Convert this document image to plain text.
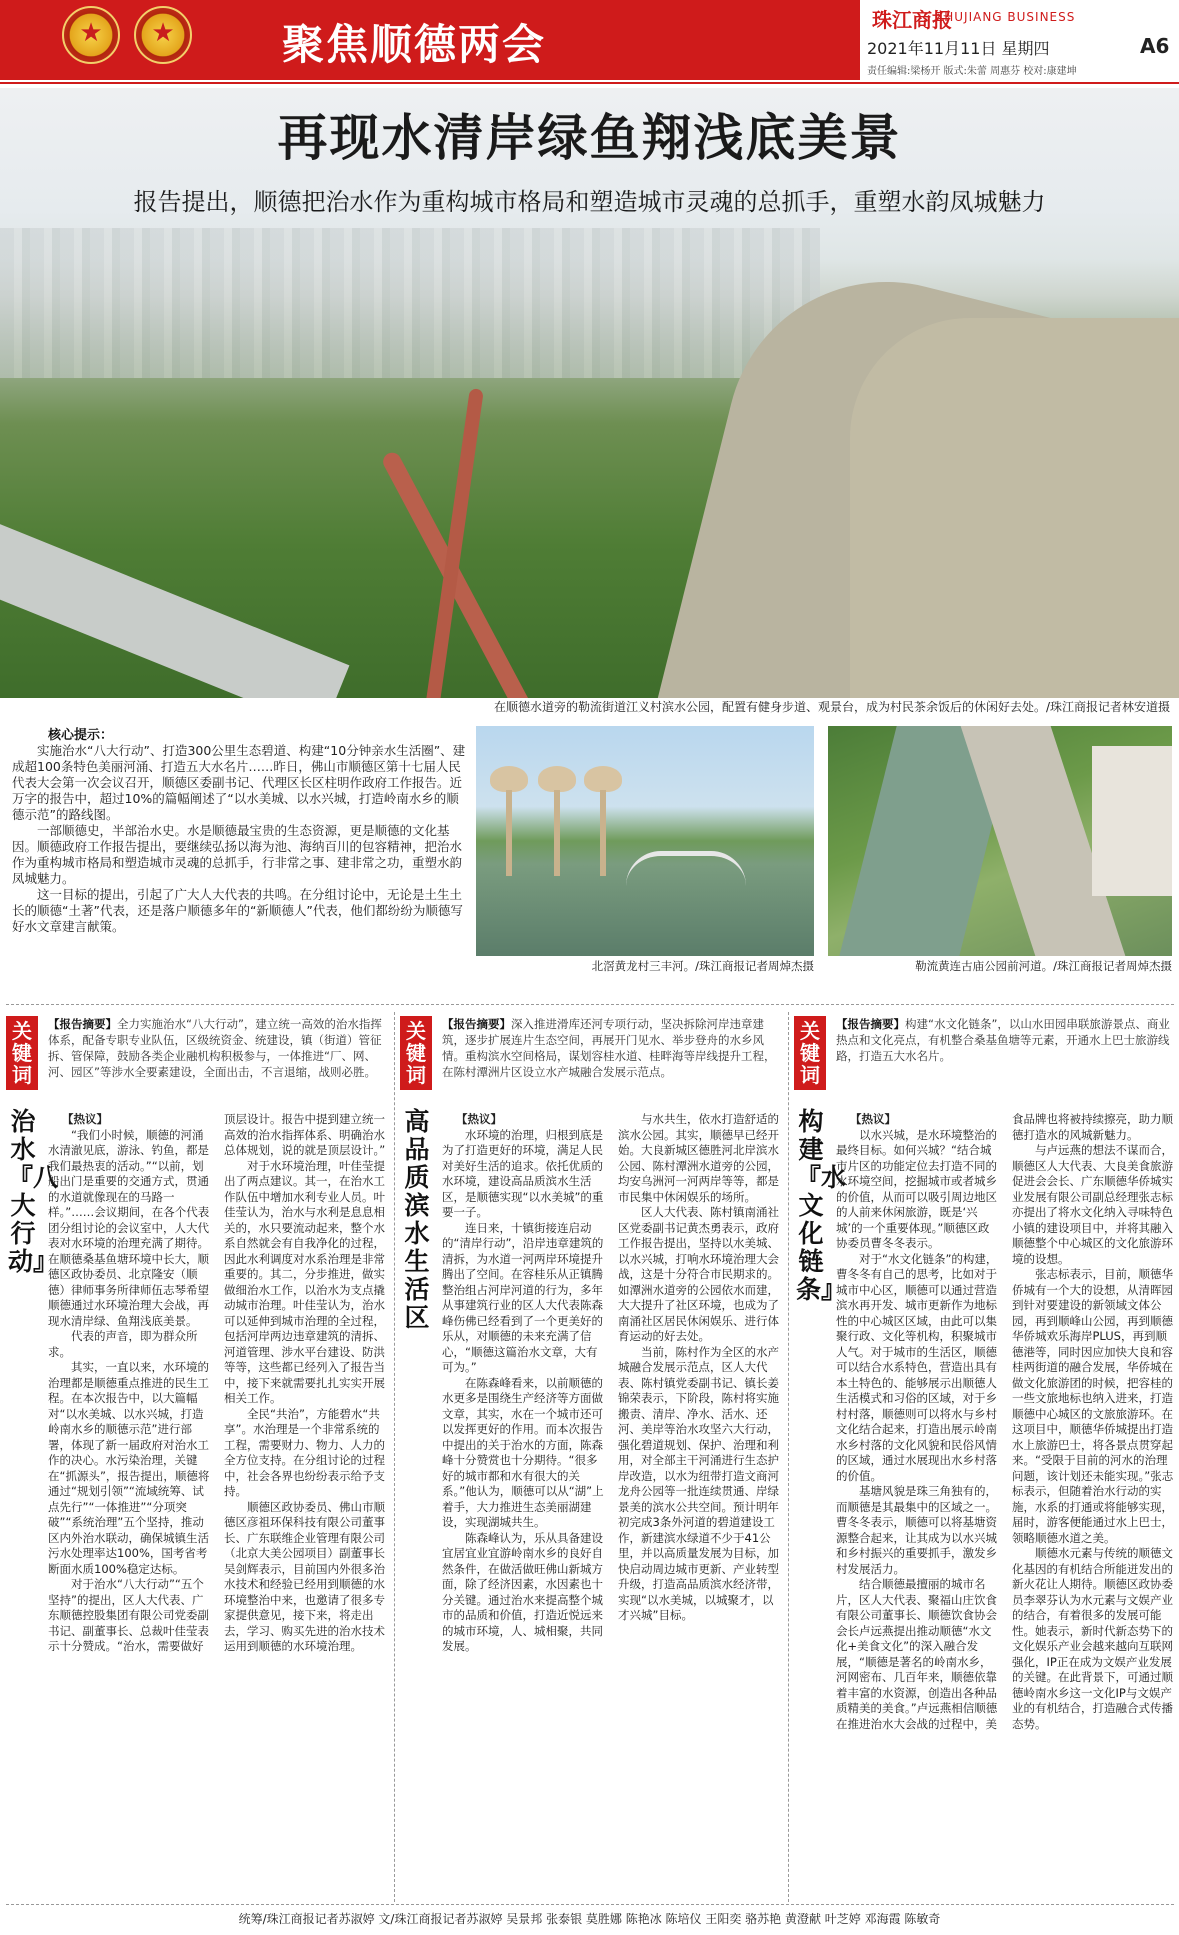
★
★
聚焦顺德两会	珠江商报
ZHUJIANG BUSINESS
2021年11月11日 星期四	A6
责任编辑:梁杨开 版式:朱蕾 周惠芬 校对:康建坤
再现水清岸绿鱼翔浅底美景
报告提出，顺德把治水作为重构城市格局和塑造城市灵魂的总抓手，重塑水韵凤城魅力
在顺德水道旁的勒流街道江义村滨水公园，配置有健身步道、观景台，成为村民茶余饭后的休闲好去处。/珠江商报记者林安道摄
核心提示：

实施治水“八大行动”、打造300公里生态碧道、构建“10分钟亲水生活圈”、建成超100条特色美丽河涌、打造五大水名片……昨日，佛山市顺德区第十七届人民代表大会第一次会议召开，顺德区委副书记、代理区长区柱明作政府工作报告。近万字的报告中，超过10%的篇幅阐述了“以水美城、以水兴城，打造岭南水乡的顺德示范”的路线图。

一部顺德史，半部治水史。水是顺德最宝贵的生态资源，更是顺德的文化基因。顺德政府工作报告提出，要继续弘扬以海为池、海纳百川的包容精神，把治水作为重构城市格局和塑造城市灵魂的总抓手，行非常之事、建非常之功，重塑水韵凤城魅力。

这一目标的提出，引起了广大人大代表的共鸣。在分组讨论中，无论是土生土长的顺德“土著”代表，还是落户顺德多年的“新顺德人”代表，他们都纷纷为顺德写好水文章建言献策。

北滘黄龙村三丰河。/珠江商报记者周焯杰摄	勒流黄连古庙公园前河道。/珠江商报记者周焯杰摄
关键词
治水『八大行动』
【报告摘要】全力实施治水“八大行动”，建立统一高效的治水指挥体系，配备专职专业队伍，区级统资金、统建设，镇（街道）管征拆、管保障，鼓励各类企业融机构积极参与，一体推进“厂、网、河、园区”等涉水全要素建设，全面出击，不言退缩，战则必胜。

【热议】

“我们小时候，顺德的河涌水清澈见底，游泳、钓鱼，都是我们最热衷的活动。”“以前，划船出门是重要的交通方式，贯通的水道就像现在的马路一样。”……会议期间，在各个代表团分组讨论的会议室中，人大代表对水环境的治理充满了期待。在顺德桑基鱼塘环境中长大，顺德区政协委员、北京隆安（顺德）律师事务所律师伍志琴希望顺德通过水环境治理大会战，再现水清岸绿、鱼翔浅底美景。

代表的声音，即为群众所求。

其实，一直以来，水环境的治理都是顺德重点推进的民生工程。在本次报告中，以大篇幅对“以水美城、以水兴城，打造岭南水乡的顺德示范”进行部署，体现了新一届政府对治水工作的决心。水污染治理，关键在“抓源头”，报告提出，顺德将通过“规划引领”“流域统筹、试点先行”“一体推进”“分项突破”“系统治理”五个坚持，推动区内外治水联动，确保城镇生活污水处理率达100%，国考省考断面水质100%稳定达标。

对于治水“八大行动”“五个坚持”的提出，区人大代表、广东顺德控股集团有限公司党委副书记、副董事长、总裁叶佳莹表示十分赞成。“治水，需要做好顶层设计。报告中提到建立统一高效的治水指挥体系、明确治水总体规划，说的就是顶层设计。”

对于水环境治理，叶佳莹提出了两点建议。其一，在治水工作队伍中增加水利专业人员。叶佳莹认为，治水与水利是息息相关的，水只要流动起来，整个水系自然就会有自我净化的过程，因此水利调度对水系治理是非常重要的。其二，分步推进，做实做细治水工作，以治水为支点撬动城市治理。叶佳莹认为，治水可以延伸到城市治理的全过程，包括河岸两边违章建筑的清拆、河道管理、涉水平台建设、防洪等等，这些都已经列入了报告当中，接下来就需要扎扎实实开展相关工作。

全民“共治”，方能碧水“共享”。水治理是一个非常系统的工程，需要财力、物力、人力的全方位支持。在分组讨论的过程中，社会各界也纷纷表示给予支持。

顺德区政协委员、佛山市顺德区彦祖环保科技有限公司董事长、广东联维企业管理有限公司（北京大美公园项目）副董事长吴剑辉表示，目前国内外很多治水技术和经验已经用到顺德的水环境整治中来，也邀请了很多专家提供意见，接下来，将走出去，学习、购买先进的治水技术运用到顺德的水环境治理。

关键词
高品质滨水生活区
【报告摘要】深入推进滑库还河专项行动，坚决拆除河岸违章建筑，逐步扩展连片生态空间，再展开门见水、举步登舟的水乡风情。重构滨水空间格局，谋划容桂水道、桂畔海等岸线提升工程，在陈村潭洲片区设立水产城融合发展示范点。

【热议】

水环境的治理，归根到底是为了打造更好的环境，满足人民对美好生活的追求。依托优质的水环境，建设高品质滨水生活区，是顺德实现“以水美城”的重要一子。

连日来，十镇街接连启动的“清岸行动”，沿岸违章建筑的清拆，为水道一河两岸环境提升腾出了空间。在容桂乐从正镇腾整治组占河岸河道的行为，多年从事建筑行业的区人大代表陈森峰伤佛已经看到了一个更美好的乐从，对顺德的未来充满了信心，“顺德这篇治水文章，大有可为。”

在陈森峰看来，以前顺德的水更多是围绕生产经济等方面做文章，其实，水在一个城市还可以发挥更好的作用。而本次报告中提出的关于治水的方面，陈森峰十分赞赏也十分期待。“很多好的城市都和水有很大的关系。”他认为，顺德可以从“湖”上着手，大力推进生态美丽湖建设，实现湖城共生。

陈森峰认为，乐从具备建设宜居宜业宜游岭南水乡的良好自然条件，在做活做旺佛山新城方面，除了经济因素，水因素也十分关键。通过治水来提高整个城市的品质和价值，打造近悦远来的城市环境，人、城相聚，共同发展。

与水共生，依水打造舒适的滨水公园。其实，顺德早已经开始。大良新城区德胜河北岸滨水公园、陈村潭洲水道旁的公园，均安乌洲河一河两岸等等，都是市民集中休闲娱乐的场所。

区人大代表、陈村镇南涌社区党委副书记黄杰勇表示，政府工作报告提出，坚持以水美城、以水兴城，打响水环境治理大会战，这是十分符合市民期求的。如潭洲水道旁的公园依水而建，大大提升了社区环境，也成为了南涌社区居民休闲娱乐、进行体育运动的好去处。

当前，陈村作为全区的水产城融合发展示范点，区人大代表、陈村镇党委副书记、镇长姜锦荣表示，下阶段，陈村将实施搬责、清岸、净水、活水、还河、美岸等治水攻坚六大行动，强化碧道规划、保护、治理和利用，对全部主干河涌进行生态护岸改造，以水为纽带打造文商河龙舟公园等一批连续贯通、岸绿景美的滨水公共空间。预计明年初完成3条外河道的碧道建设工作，新建滨水绿道不少于41公里，并以高质量发展为目标，加快启动周边城市更新、产业转型升级，打造高品质滨水经济带，实现“以水美城，以城聚才，以才兴城”目标。

关键词
构建『水文化链条』
【报告摘要】构建“水文化链条”，以山水田园串联旅游景点、商业热点和文化亮点，有机整合桑基鱼塘等元素，开通水上巴士旅游线路，打造五大水名片。

【热议】

以水兴城，是水环境整治的最终目标。如何兴城？“结合城市片区的功能定位去打造不同的水环境空间，挖掘城市或者城乡的价值，从而可以吸引周边地区的人前来休闲旅游，既是‘兴城’的一个重要体现。”顺德区政协委员曹冬冬表示。

对于“水文化链条”的构建，曹冬冬有自己的思考，比如对于城市中心区，顺德可以通过营造滨水再开发、城市更新作为地标性的中心城区区域，由此可以集聚行政、文化等机构，积聚城市人气。对于城市的生活区，顺德可以结合水系特色，营造出具有本土特色的、能够展示出顺德人生活模式和习俗的区域，对于乡村村落，顺德则可以将水与乡村文化结合起来，打造出展示岭南水乡村落的文化风貌和民俗风情的区域，通过水展现出水乡村落的价值。

基塘风貌是珠三角独有的，而顺德是其最集中的区域之一。曹冬冬表示，顺德可以将基塘资源整合起来，让其成为以水兴城和乡村振兴的重要抓手，激发乡村发展活力。

结合顺德最擅丽的城市名片，区人大代表、聚福山庄饮食有限公司董事长、顺德饮食协会会长卢远燕提出推动顺德“水文化+美食文化”的深入融合发展，“顺德是著名的岭南水乡，河网密布、几百年来，顺德依靠着丰富的水资源，创造出各种品质精美的美食。”卢远燕相信顺德在推进治水大会战的过程中，美食品牌也将被持续擦亮，助力顺德打造水的风城新魅力。

与卢远燕的想法不谋而合，顺德区人大代表、大良美食旅游促进会会长、广东顺德华侨城实业发展有限公司副总经理张志标亦提出了将水文化纳入寻味特色小镇的建设项目中，并将其融入顺德整个中心城区的文化旅游环境的设想。

张志标表示，目前，顺德华侨城有一个大的设想，从清晖园到针对要建设的新领域文体公园，再到顺峰山公园，再到顺德华侨城欢乐海岸PLUS，再到顺德港等，同时因应加快大良和容桂两街道的融合发展，华侨城在做文化旅游团的时候，把容桂的一些文旅地标也纳入进来，打造顺德中心城区的文旅旅游环。在这项目中，顺德华侨城提出打造水上旅游巴士，将各景点贯穿起来。“受限于目前的河水的治理问题，该计划还未能实现。”张志标表示，但随着治水行动的实施，水系的打通或将能够实现，届时，游客便能通过水上巴士，领略顺德水道之美。

顺德水元素与传统的顺德文化基因的有机结合所能迸发出的新火花让人期待。顺德区政协委员李翠芬认为水元素与文娱产业的结合，有着很多的发展可能性。她表示，新时代新态势下的文化娱乐产业会越来越向互联网强化，IP正在成为文娱产业发展的关键。在此背景下，可通过顺德岭南水乡这一文化IP与文娱产业的有机结合，打造融合式传播态势。

统筹/珠江商报记者苏淑婷 文/珠江商报记者苏淑婷 吴景邦 张泰银 莫胜娜 陈艳冰 陈培仪 王阳奕 骆苏艳 黄澄献 叶芝婷 邓海霞 陈敏奇
